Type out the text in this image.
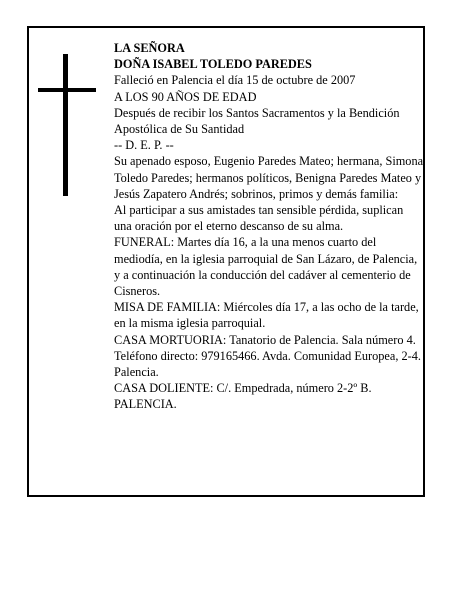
LA SEÑORA

DOÑA ISABEL TOLEDO PAREDES

Falleció en Palencia el día 15 de octubre de 2007

A LOS 90 AÑOS DE EDAD

Después de recibir los Santos Sacramentos y la Bendición Apostólica de Su Santidad

-- D. E. P. --

Su apenado esposo, Eugenio Paredes Mateo; hermana, Simona Toledo Paredes; hermanos políticos, Benigna Paredes Mateo y Jesús Zapatero Andrés; sobrinos, primos y demás familia:

Al participar a sus amistades tan sensible pérdida, suplican una oración por el eterno descanso de su alma.

FUNERAL: Martes día 16, a la una menos cuarto del mediodía, en la iglesia parroquial de San Lázaro, de Palencia, y a continuación la conducción del cadáver al cementerio de Cisneros.

MISA DE FAMILIA: Miércoles día 17, a las ocho de la tarde, en la misma iglesia parroquial.

CASA MORTUORIA: Tanatorio de Palencia. Sala número 4. Teléfono directo: 979165466. Avda. Comunidad Europea, 2-4. Palencia.

CASA DOLIENTE: C/. Empedrada, número 2-2º B. PALENCIA.
